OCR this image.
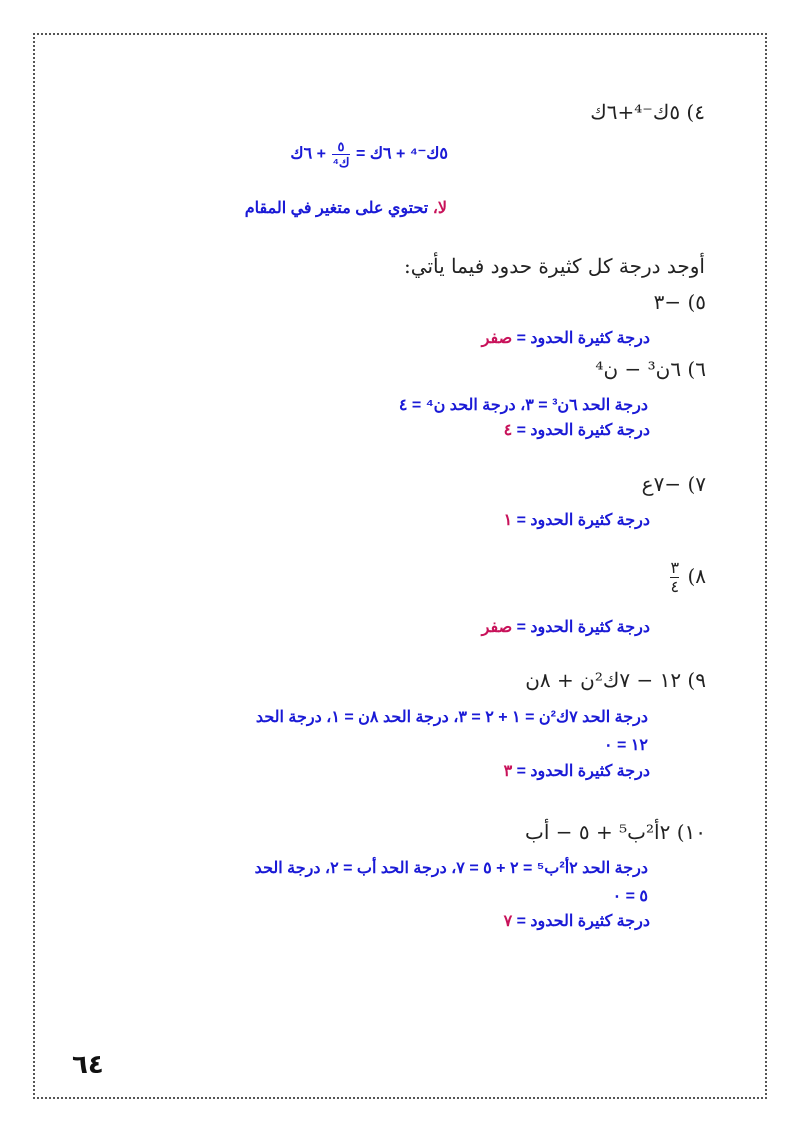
٤) ٥ك⁻⁴+٦ك
٥ك⁻⁴ + ٦ك =
$\frac{٥}{\text{ك⁴}}$
+ ٦ك
لا، تحتوي على متغير في المقام
أوجد درجة كل كثيرة حدود فيما يأتي:
٥) −٣
درجة كثيرة الحدود = صفر
٦) ٦ن³ − ن⁴
درجة الحد ٦ن³ = ٣، درجة الحد ن⁴ = ٤
درجة كثيرة الحدود = ٤
٧) −٧ع
درجة كثيرة الحدود = ١
٨)
$\frac{٣}{٤}$
درجة كثيرة الحدود = صفر
٩) ١٢ − ٧ك²ن + ٨ن
درجة الحد ٧ك²ن = ١ + ٢ = ٣، درجة الحد ٨ن = ١، درجة الحد
١٢ = ٠
درجة كثيرة الحدود = ٣
١٠) ٢أ²ب⁵ + ٥ − أب
درجة الحد ٢أ²ب⁵ = ٢ + ٥ = ٧، درجة الحد أب = ٢، درجة الحد
٥ = ٠
درجة كثيرة الحدود = ٧
٦٤
